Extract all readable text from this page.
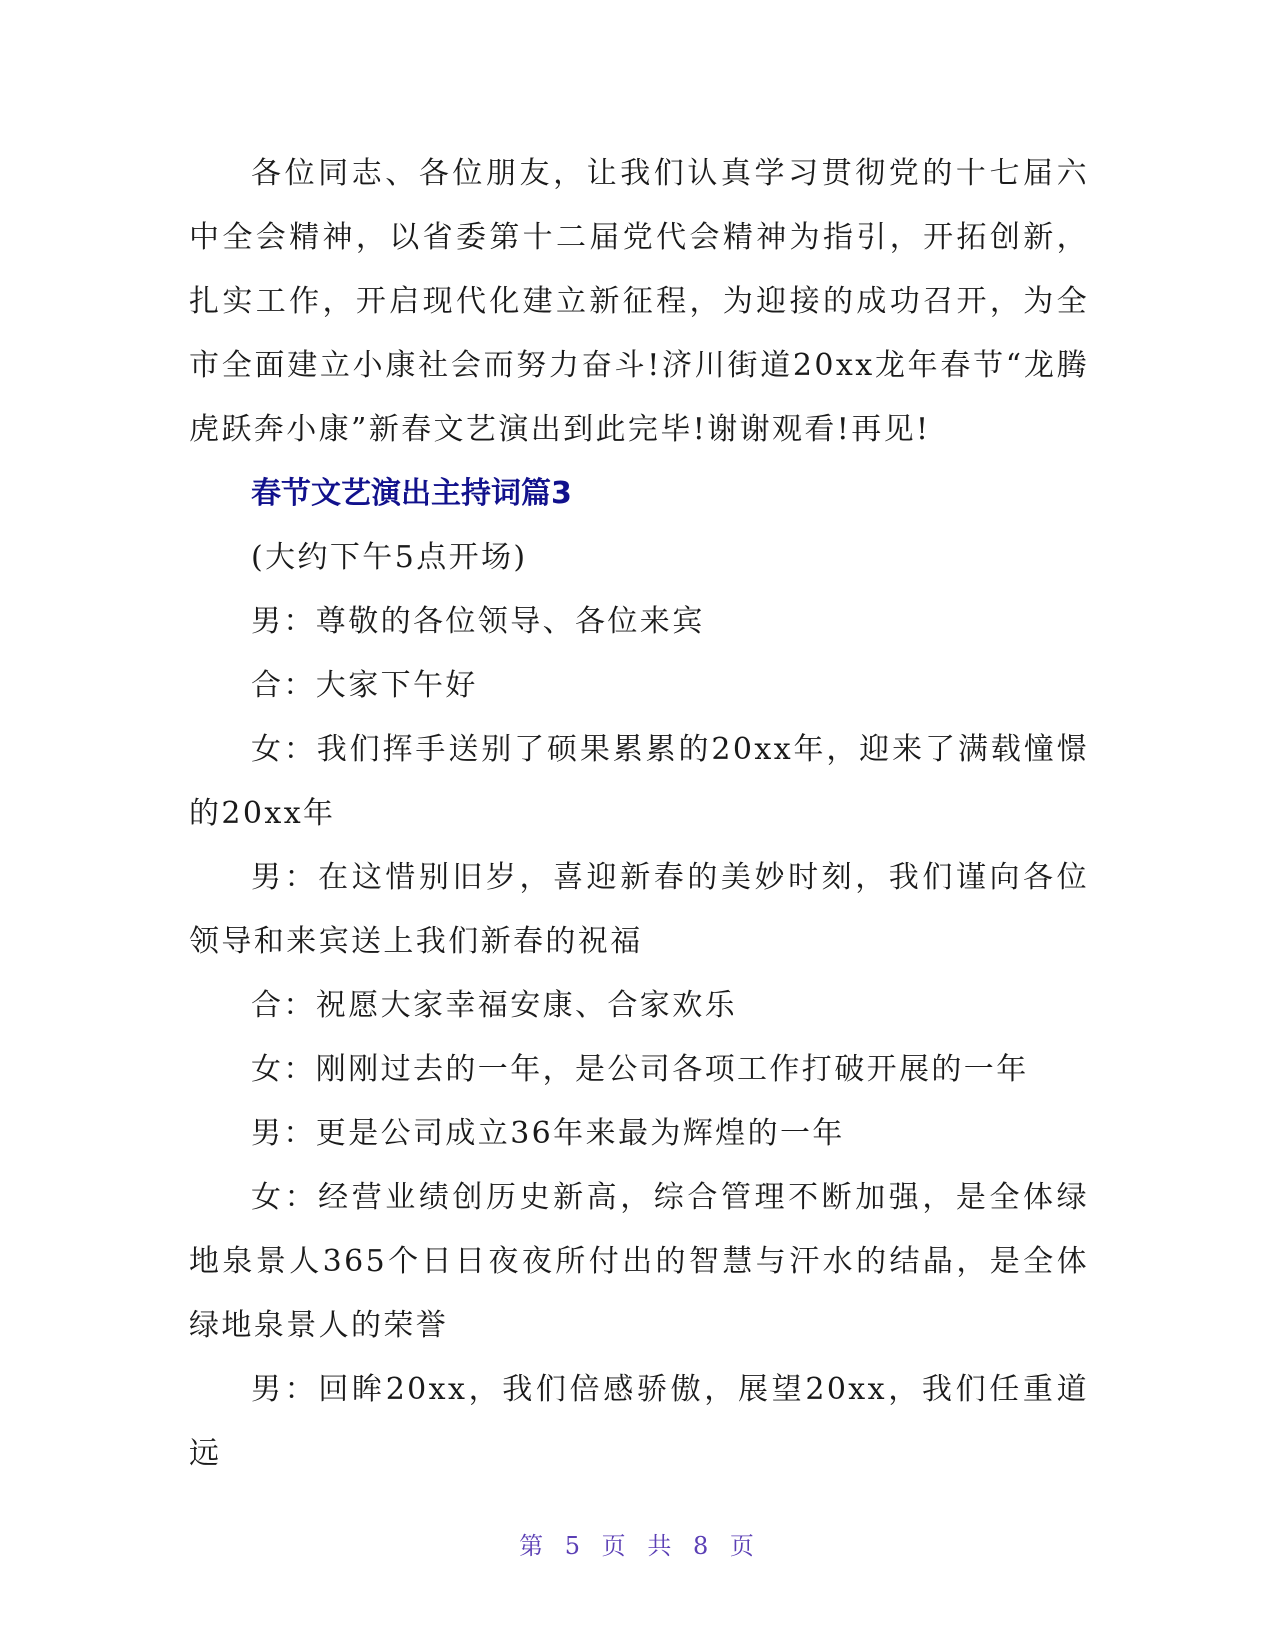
各位同志、各位朋友，让我们认真学习贯彻党的十七届六中全会精神，以省委第十二届党代会精神为指引，开拓创新，扎实工作，开启现代化建立新征程，为迎接的成功召开，为全市全面建立小康社会而努力奋斗!济川街道20xx龙年春节“龙腾虎跃奔小康”新春文艺演出到此完毕!谢谢观看!再见!

春节文艺演出主持词篇3

(大约下午5点开场)

男：尊敬的各位领导、各位来宾

合：大家下午好

女：我们挥手送别了硕果累累的20xx年，迎来了满载憧憬的20xx年

男：在这惜别旧岁，喜迎新春的美妙时刻，我们谨向各位领导和来宾送上我们新春的祝福

合：祝愿大家幸福安康、合家欢乐

女：刚刚过去的一年，是公司各项工作打破开展的一年

男：更是公司成立36年来最为辉煌的一年

女：经营业绩创历史新高，综合管理不断加强，是全体绿地泉景人365个日日夜夜所付出的智慧与汗水的结晶，是全体绿地泉景人的荣誉

男：回眸20xx，我们倍感骄傲，展望20xx，我们任重道远

第 5 页 共 8 页
